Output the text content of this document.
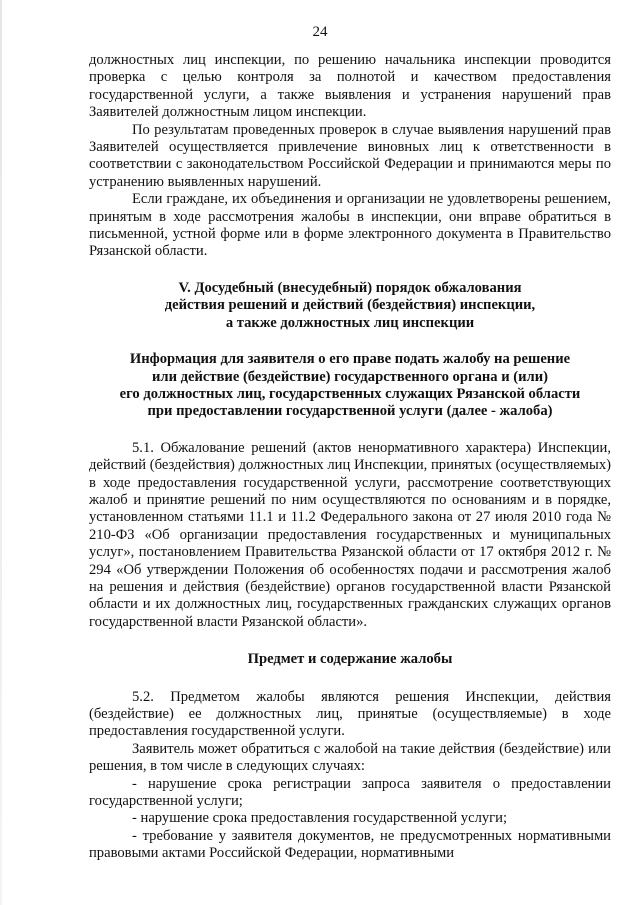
24

должностных лиц инспекции, по решению начальника инспекции проводится проверка с целью контроля за полнотой и качеством предоставления государственной услуги, а также выявления и устранения нарушений прав Заявителей должностным лицом инспекции.

По результатам проведенных проверок в случае выявления нарушений прав Заявителей осуществляется привлечение виновных лиц к ответственности в соответствии с законодательством Российской Федерации и принимаются меры по устранению выявленных нарушений.

Если граждане, их объединения и организации не удовлетворены решением, принятым в ходе рассмотрения жалобы в инспекции, они вправе обратиться в письменной, устной форме или в форме электронного документа в Правительство Рязанской области.

V. Досудебный (внесудебный) порядок обжалования

действия решений и действий (бездействия) инспекции,

а также должностных лиц инспекции

Информация для заявителя о его праве подать жалобу на решение

или действие (бездействие) государственного органа и (или)

его должностных лиц, государственных служащих Рязанской области

при предоставлении государственной услуги (далее - жалоба)

5.1. Обжалование решений (актов ненормативного характера) Инспекции, действий (бездействия) должностных лиц Инспекции, принятых (осуществляемых) в ходе предоставления государственной услуги, рассмотрение соответствующих жалоб и принятие решений по ним осуществляются по основаниям и в порядке, установленном статьями 11.1 и 11.2 Федерального закона от 27 июля 2010 года № 210-ФЗ «Об организации предоставления государственных и муниципальных услуг», постановлением Правительства Рязанской области от 17 октября 2012 г. № 294 «Об утверждении Положения об особенностях подачи и рассмотрения жалоб на решения и действия (бездействие) органов государственной власти Рязанской области и их должностных лиц, государственных гражданских служащих органов государственной власти Рязанской области».

Предмет и содержание жалобы

5.2. Предметом жалобы являются решения Инспекции, действия (бездействие) ее должностных лиц, принятые (осуществляемые) в ходе предоставления государственной услуги.

Заявитель может обратиться с жалобой на такие действия (бездействие) или решения, в том числе в следующих случаях:

- нарушение срока регистрации запроса заявителя о предоставлении государственной услуги;

- нарушение срока предоставления государственной услуги;

- требование у заявителя документов, не предусмотренных нормативными правовыми актами Российской Федерации, нормативными
